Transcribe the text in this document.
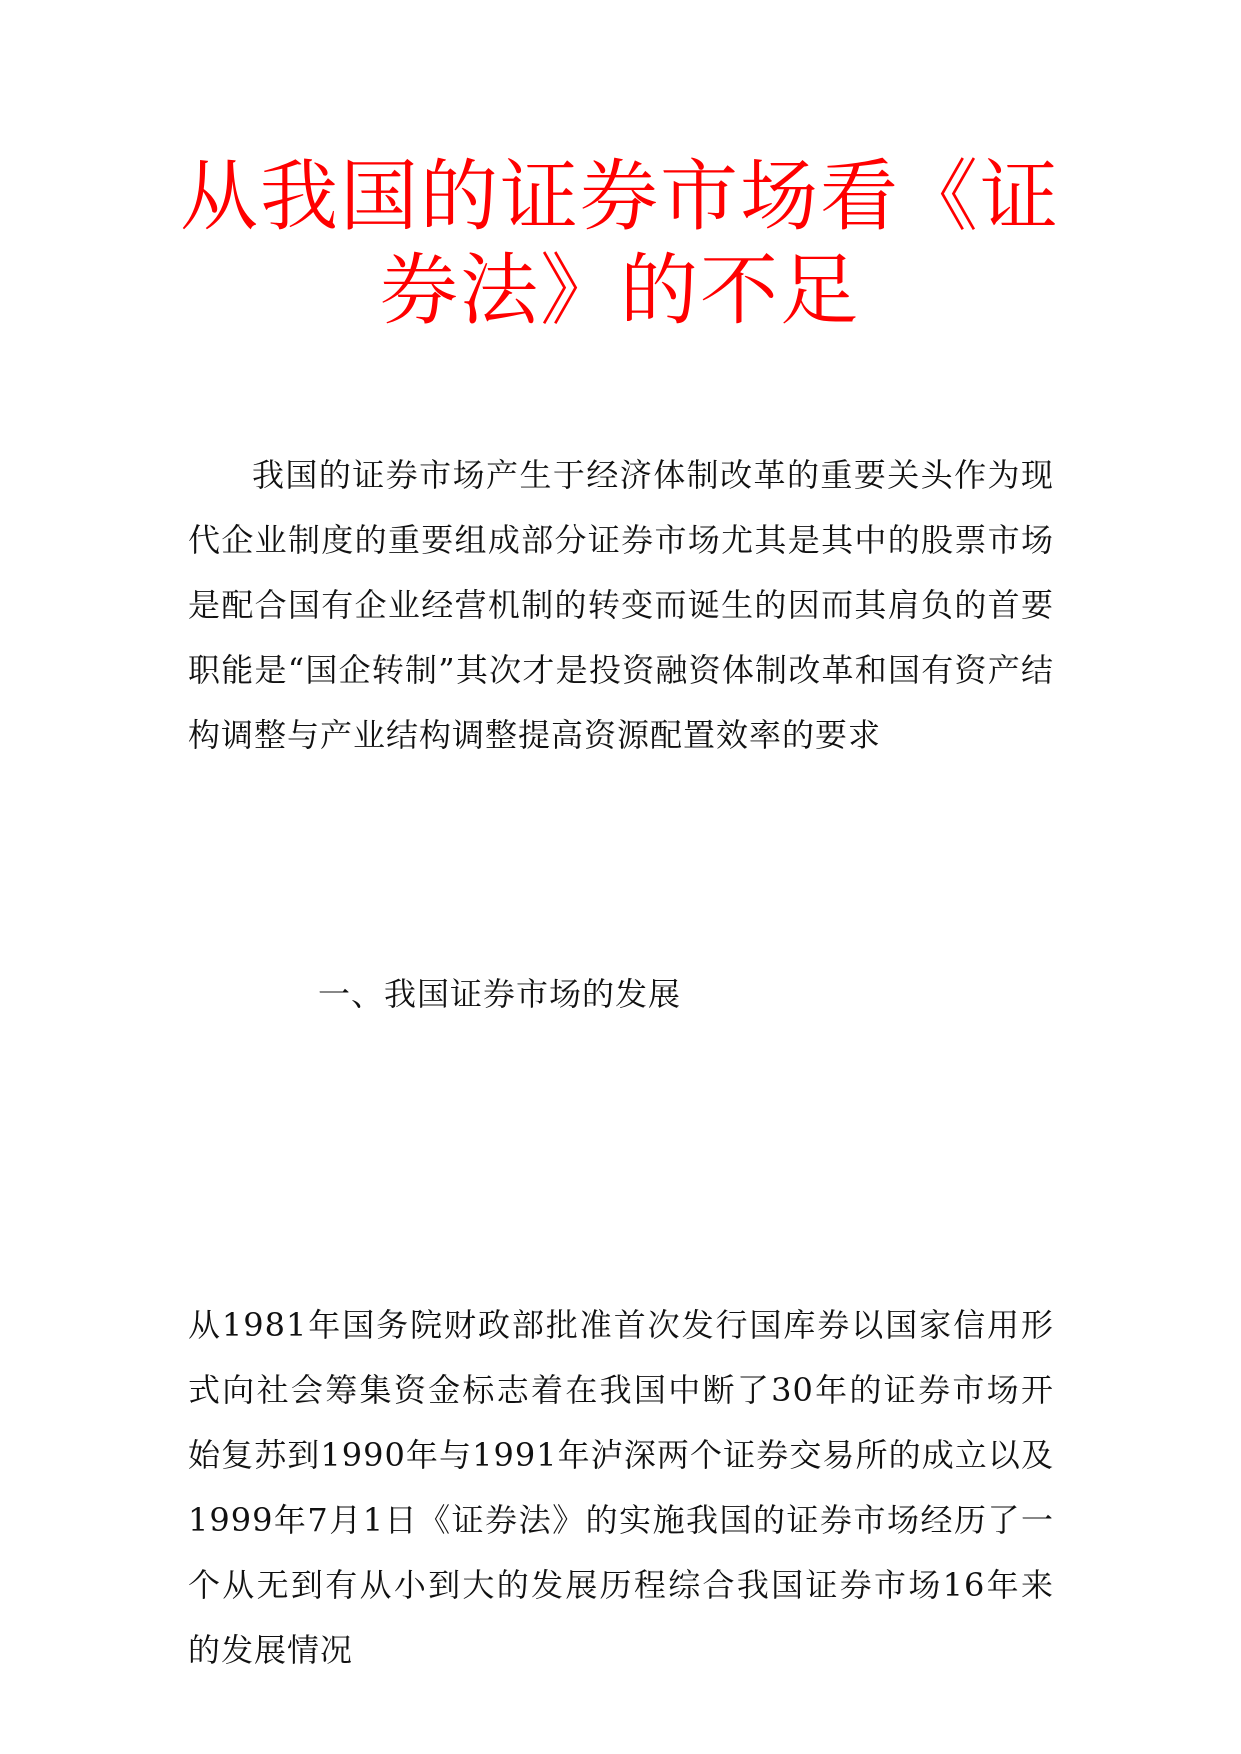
从我国的证券市场看《证券法》的不足

我国的证券市场产生于经济体制改革的重要关头作为现代企业制度的重要组成部分证券市场尤其是其中的股票市场是配合国有企业经营机制的转变而诞生的因而其肩负的首要职能是“国企转制”其次才是投资融资体制改革和国有资产结构调整与产业结构调整提高资源配置效率的要求

一、我国证券市场的发展

从1981年国务院财政部批准首次发行国库券以国家信用形式向社会筹集资金标志着在我国中断了30年的证券市场开始复苏到1990年与1991年泸深两个证券交易所的成立以及1999年7月1日《证券法》的实施我国的证券市场经历了一个从无到有从小到大的发展历程综合我国证券市场16年来的发展情况
